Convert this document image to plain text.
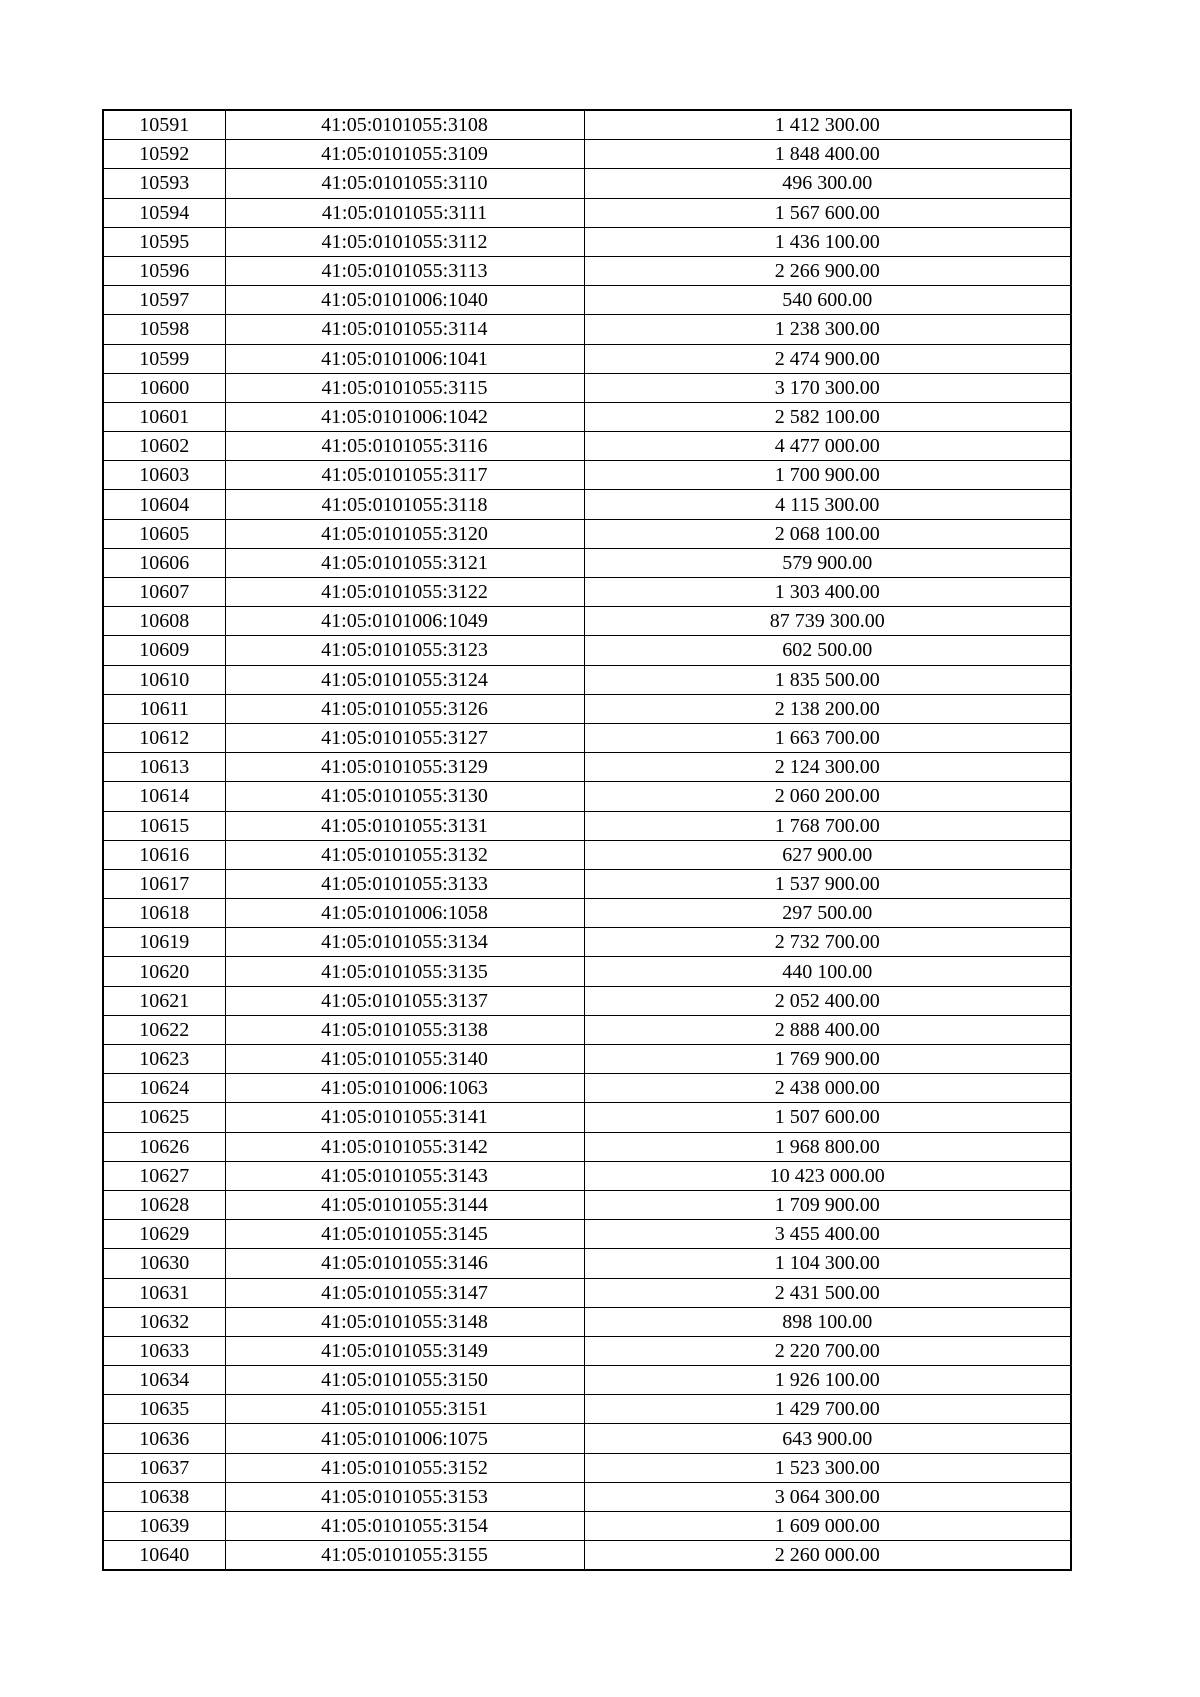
10591	41:05:0101055:3108	1 412 300.00
10592	41:05:0101055:3109	1 848 400.00
10593	41:05:0101055:3110	496 300.00
10594	41:05:0101055:3111	1 567 600.00
10595	41:05:0101055:3112	1 436 100.00
10596	41:05:0101055:3113	2 266 900.00
10597	41:05:0101006:1040	540 600.00
10598	41:05:0101055:3114	1 238 300.00
10599	41:05:0101006:1041	2 474 900.00
10600	41:05:0101055:3115	3 170 300.00
10601	41:05:0101006:1042	2 582 100.00
10602	41:05:0101055:3116	4 477 000.00
10603	41:05:0101055:3117	1 700 900.00
10604	41:05:0101055:3118	4 115 300.00
10605	41:05:0101055:3120	2 068 100.00
10606	41:05:0101055:3121	579 900.00
10607	41:05:0101055:3122	1 303 400.00
10608	41:05:0101006:1049	87 739 300.00
10609	41:05:0101055:3123	602 500.00
10610	41:05:0101055:3124	1 835 500.00
10611	41:05:0101055:3126	2 138 200.00
10612	41:05:0101055:3127	1 663 700.00
10613	41:05:0101055:3129	2 124 300.00
10614	41:05:0101055:3130	2 060 200.00
10615	41:05:0101055:3131	1 768 700.00
10616	41:05:0101055:3132	627 900.00
10617	41:05:0101055:3133	1 537 900.00
10618	41:05:0101006:1058	297 500.00
10619	41:05:0101055:3134	2 732 700.00
10620	41:05:0101055:3135	440 100.00
10621	41:05:0101055:3137	2 052 400.00
10622	41:05:0101055:3138	2 888 400.00
10623	41:05:0101055:3140	1 769 900.00
10624	41:05:0101006:1063	2 438 000.00
10625	41:05:0101055:3141	1 507 600.00
10626	41:05:0101055:3142	1 968 800.00
10627	41:05:0101055:3143	10 423 000.00
10628	41:05:0101055:3144	1 709 900.00
10629	41:05:0101055:3145	3 455 400.00
10630	41:05:0101055:3146	1 104 300.00
10631	41:05:0101055:3147	2 431 500.00
10632	41:05:0101055:3148	898 100.00
10633	41:05:0101055:3149	2 220 700.00
10634	41:05:0101055:3150	1 926 100.00
10635	41:05:0101055:3151	1 429 700.00
10636	41:05:0101006:1075	643 900.00
10637	41:05:0101055:3152	1 523 300.00
10638	41:05:0101055:3153	3 064 300.00
10639	41:05:0101055:3154	1 609 000.00
10640	41:05:0101055:3155	2 260 000.00
